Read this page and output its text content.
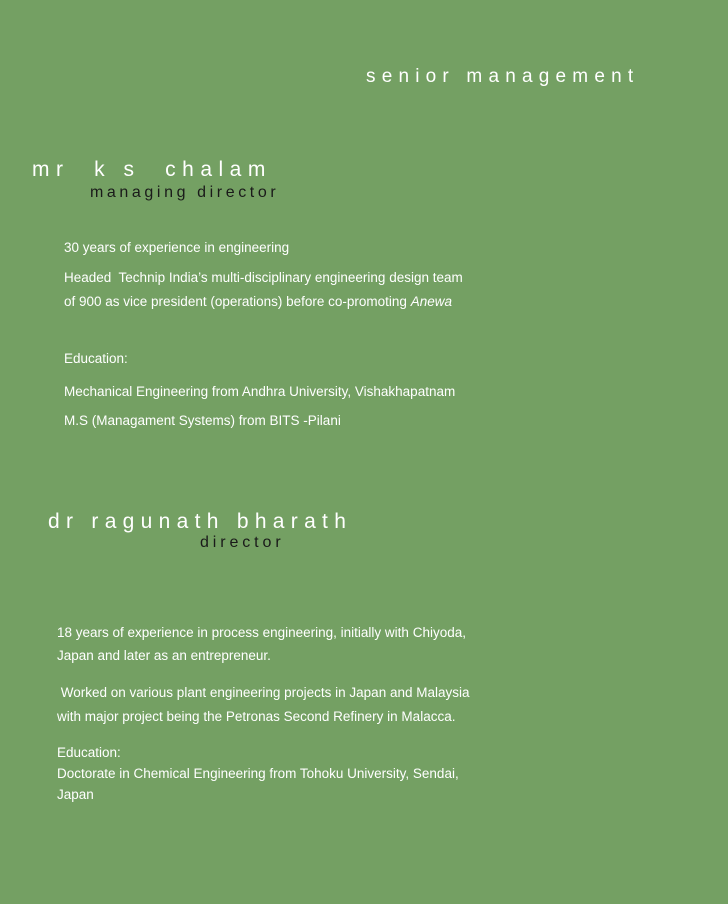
senior management
mr  k s  chalam
managing director
30 years of experience in engineering
Headed  Technip India’s multi-disciplinary engineering design team
of 900 as vice president (operations) before co-promoting Anewa
Education:
Mechanical Engineering from Andhra University, Vishakhapatnam
M.S (Managament Systems) from BITS -Pilani
dr ragunath bharath
director
18 years of experience in process engineering, initially with Chiyoda,
Japan and later as an entrepreneur.
Worked on various plant engineering projects in Japan and Malaysia
with major project being the Petronas Second Refinery in Malacca.
Education:
Doctorate in Chemical Engineering from Tohoku University, Sendai,
Japan
